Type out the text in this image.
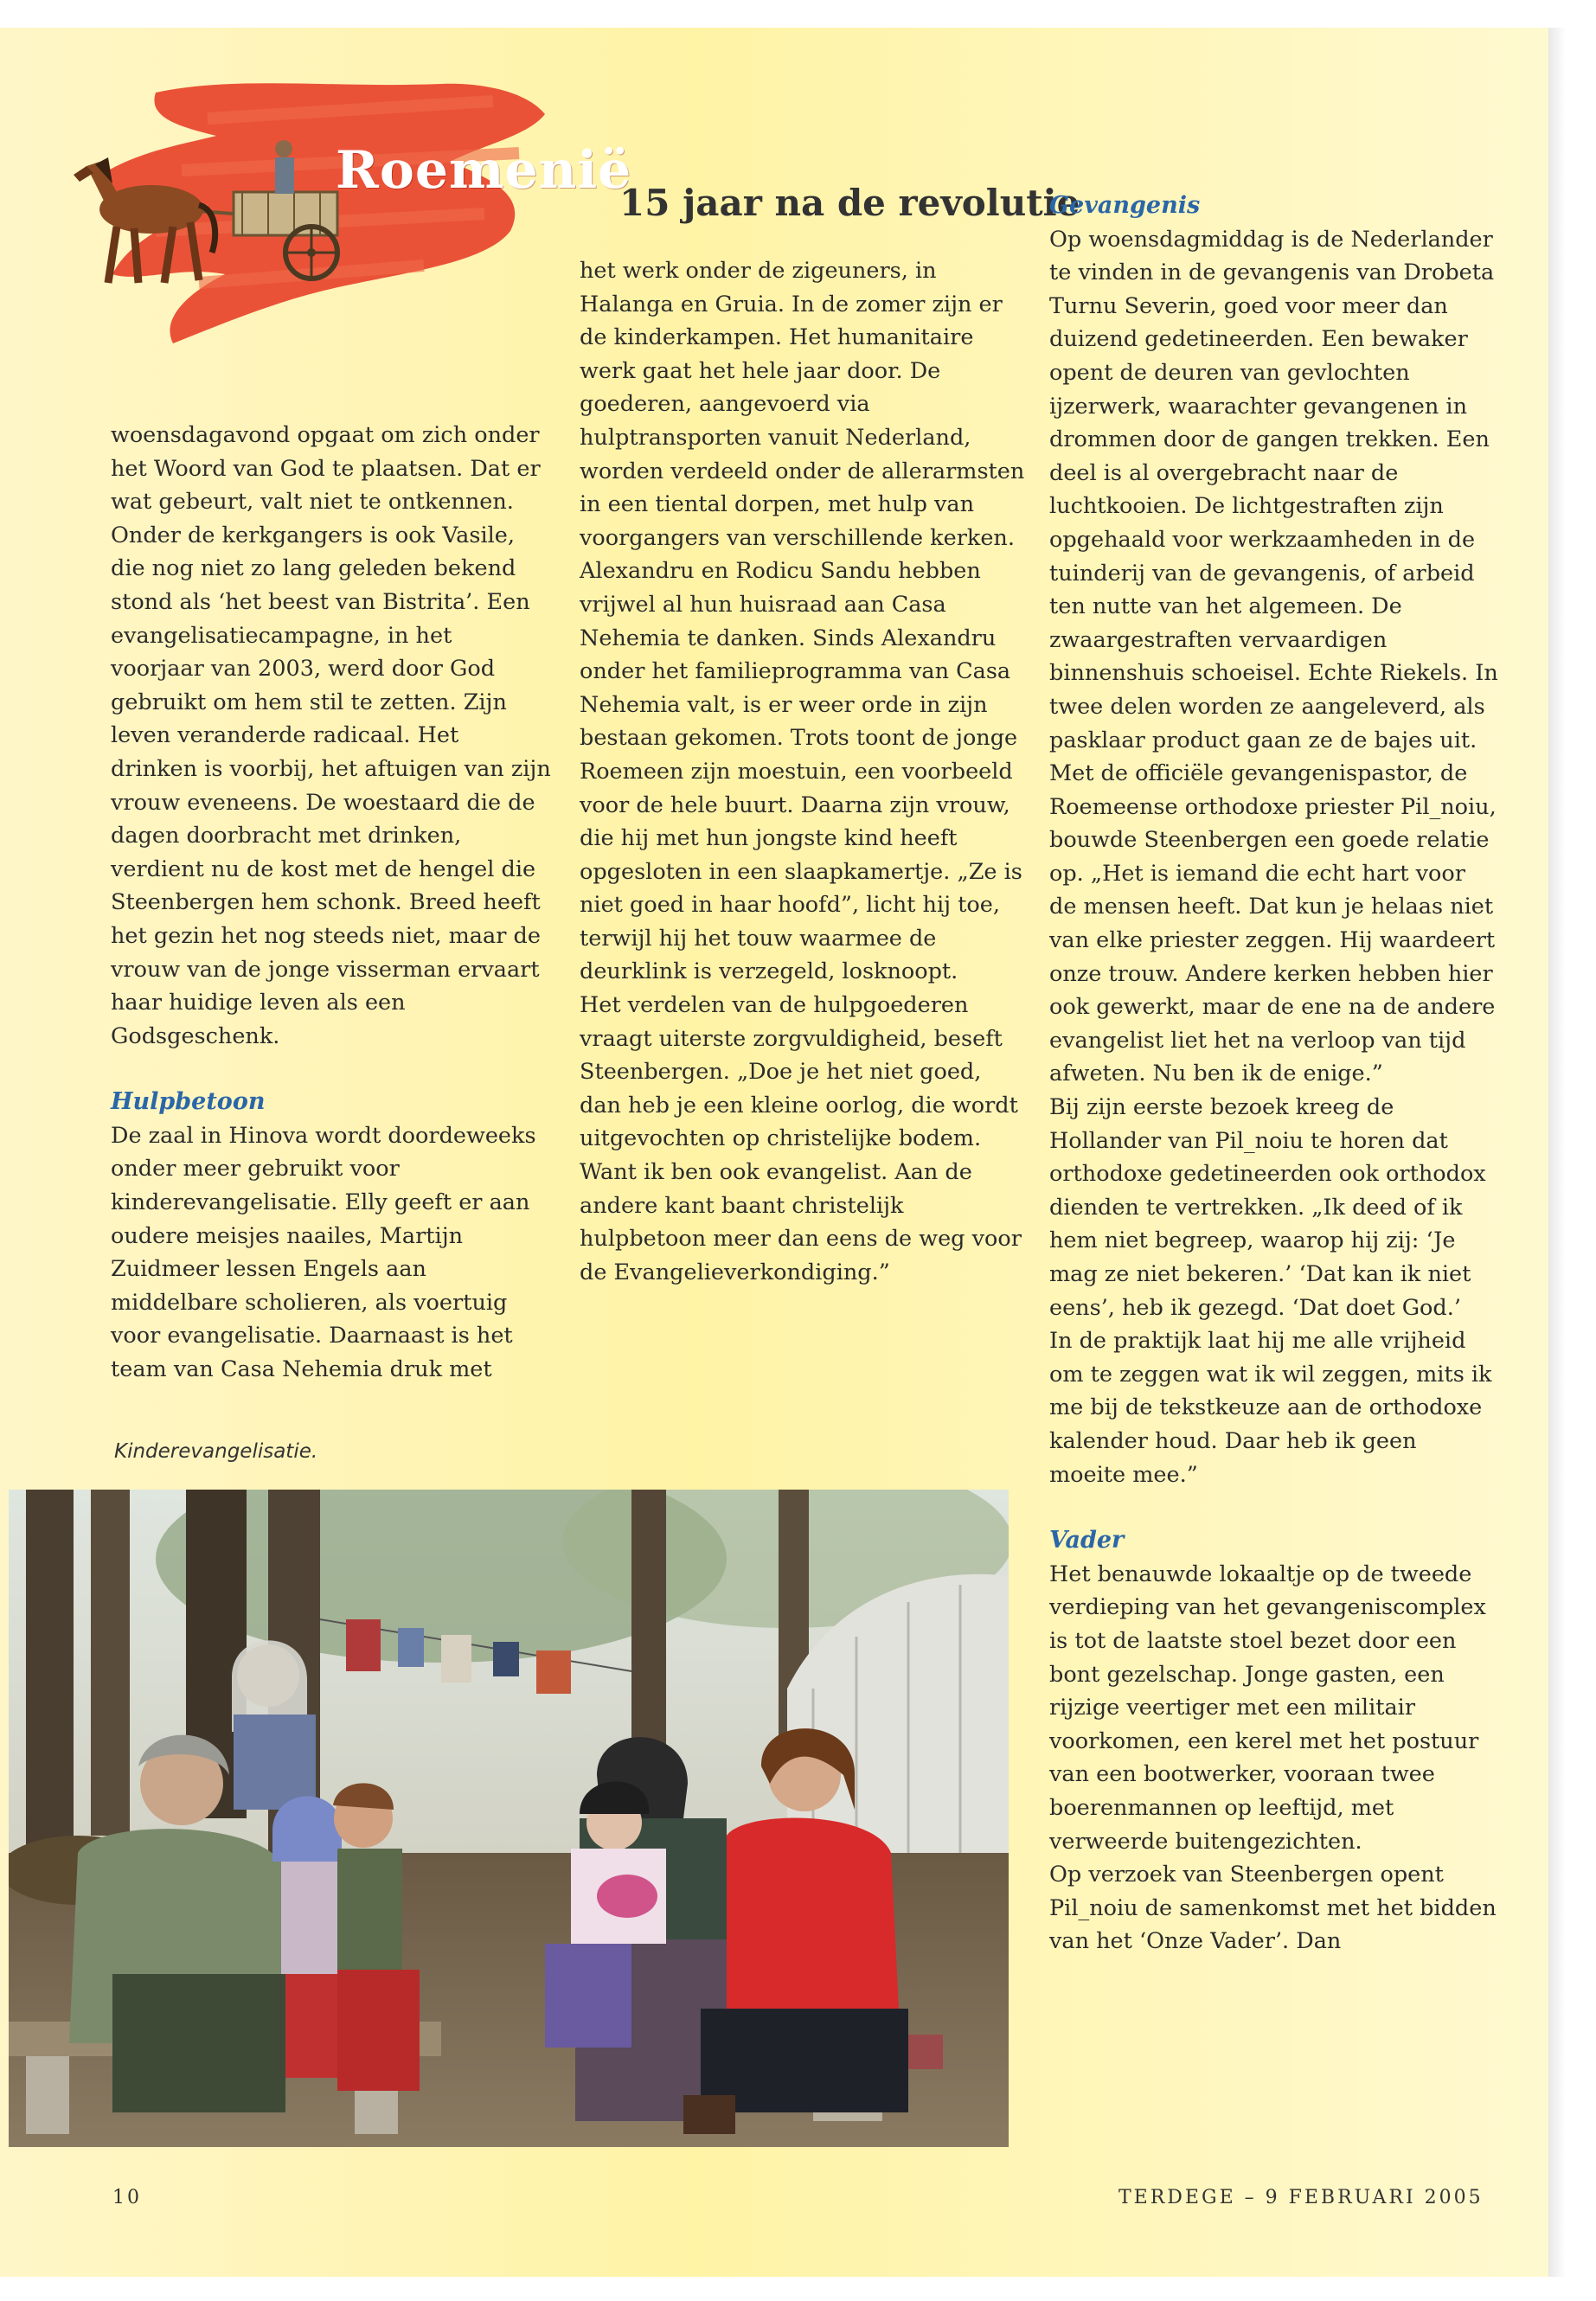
Roemenië
15 jaar na de revolutie

woensdagavond opgaat om zich onder het Woord van God te plaatsen. Dat er wat gebeurt, valt niet te ontkennen. Onder de kerkgangers is ook Vasile, die nog niet zo lang geleden bekend stond als ‘het beest van Bistrita’. Een evangelisatiecampagne, in het voorjaar van 2003, werd door God gebruikt om hem stil te zetten. Zijn leven veranderde radicaal. Het drinken is voorbij, het aftuigen van zijn vrouw eveneens. De woestaard die de dagen doorbracht met drinken, verdient nu de kost met de hengel die Steenbergen hem schonk. Breed heeft het gezin het nog steeds niet, maar de vrouw van de jonge visserman ervaart haar huidige leven als een Godsgeschenk.

Hulpbetoon

De zaal in Hinova wordt doordeweeks onder meer gebruikt voor kinderevangelisatie. Elly geeft er aan oudere meisjes naailes, Martijn Zuidmeer lessen Engels aan middelbare scholieren, als voertuig voor evangelisatie. Daarnaast is het team van Casa Nehemia druk met

het werk onder de zigeuners, in Halanga en Gruia. In de zomer zijn er de kinderkampen. Het humanitaire werk gaat het hele jaar door. De goederen, aangevoerd via hulptransporten vanuit Nederland, worden verdeeld onder de allerarmsten in een tiental dorpen, met hulp van voorgangers van verschillende kerken.

Alexandru en Rodicu Sandu hebben vrijwel al hun huisraad aan Casa Nehemia te danken. Sinds Alexandru onder het familieprogramma van Casa Nehemia valt, is er weer orde in zijn bestaan gekomen. Trots toont de jonge Roemeen zijn moestuin, een voorbeeld voor de hele buurt. Daarna zijn vrouw, die hij met hun jongste kind heeft opgesloten in een slaapkamertje. „Ze is niet goed in haar hoofd”, licht hij toe, terwijl hij het touw waarmee de deurklink is verzegeld, losknoopt.

Het verdelen van de hulpgoederen vraagt uiterste zorgvuldigheid, beseft Steenbergen. „Doe je het niet goed, dan heb je een kleine oorlog, die wordt uitgevochten op christelijke bodem. Want ik ben ook evangelist. Aan de andere kant baant christelijk hulpbetoon meer dan eens de weg voor de Evangelieverkondiging.”

Gevangenis

Op woensdagmiddag is de Nederlander te vinden in de gevangenis van Drobeta Turnu Severin, goed voor meer dan duizend gedetineerden. Een bewaker opent de deuren van gevlochten ijzerwerk, waarachter gevangenen in drommen door de gangen trekken. Een deel is al overgebracht naar de luchtkooien. De lichtgestraften zijn opgehaald voor werkzaamheden in de tuinderij van de gevangenis, of arbeid ten nutte van het algemeen. De zwaargestraften vervaardigen binnenshuis schoeisel. Echte Riekels. In twee delen worden ze aangeleverd, als pasklaar product gaan ze de bajes uit.

Met de officiële gevangenispastor, de Roemeense orthodoxe priester Pil_noiu, bouwde Steenbergen een goede relatie op. „Het is iemand die echt hart voor de mensen heeft. Dat kun je helaas niet van elke priester zeggen. Hij waardeert onze trouw. Andere kerken hebben hier ook gewerkt, maar de ene na de andere evangelist liet het na verloop van tijd afweten. Nu ben ik de enige.”

Bij zijn eerste bezoek kreeg de Hollander van Pil_noiu te horen dat orthodoxe gedetineerden ook orthodox dienden te vertrekken. „Ik deed of ik hem niet begreep, waarop hij zij: ‘Je mag ze niet bekeren.’ ‘Dat kan ik niet eens’, heb ik gezegd. ‘Dat doet God.’

In de praktijk laat hij me alle vrijheid om te zeggen wat ik wil zeggen, mits ik me bij de tekstkeuze aan de orthodoxe kalender houd. Daar heb ik geen moeite mee.”

Vader

Het benauwde lokaaltje op de tweede verdieping van het gevangeniscomplex is tot de laatste stoel bezet door een bont gezelschap. Jonge gasten, een rijzige veertiger met een militair voorkomen, een kerel met het postuur van een bootwerker, vooraan twee boerenmannen op leeftijd, met verweerde buitengezichten.

Op verzoek van Steenbergen opent Pil_noiu de samenkomst met het bidden van het ‘Onze Vader’. Dan

Kinderevangelisatie.

10	TERDEGE – 9 FEBRUARI 2005
